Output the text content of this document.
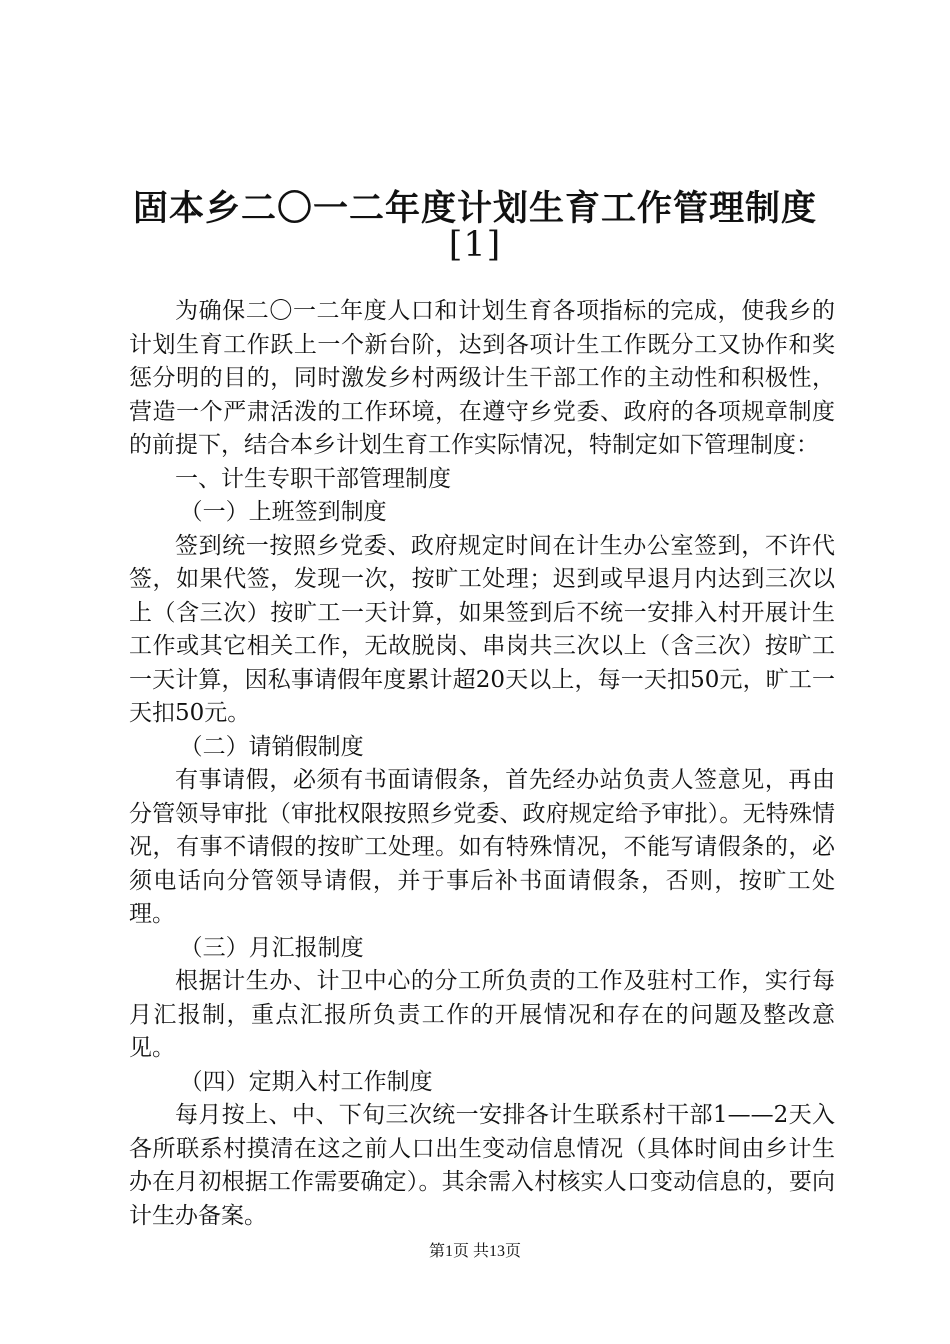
固本乡二〇一二年度计划生育工作管理制度
[1]

为确保二〇一二年度人口和计划生育各项指标的完成，使我乡的计划生育工作跃上一个新台阶，达到各项计生工作既分工又协作和奖惩分明的目的，同时激发乡村两级计生干部工作的主动性和积极性，营造一个严肃活泼的工作环境，在遵守乡党委、政府的各项规章制度的前提下，结合本乡计划生育工作实际情况，特制定如下管理制度：

一、计生专职干部管理制度

（一）上班签到制度

签到统一按照乡党委、政府规定时间在计生办公室签到，不许代签，如果代签，发现一次，按旷工处理；迟到或早退月内达到三次以上（含三次）按旷工一天计算，如果签到后不统一安排入村开展计生工作或其它相关工作，无故脱岗、串岗共三次以上（含三次）按旷工一天计算，因私事请假年度累计超20天以上，每一天扣50元，旷工一天扣50元。

（二）请销假制度

有事请假，必须有书面请假条，首先经办站负责人签意见，再由分管领导审批（审批权限按照乡党委、政府规定给予审批）。无特殊情况，有事不请假的按旷工处理。如有特殊情况，不能写请假条的，必须电话向分管领导请假，并于事后补书面请假条，否则，按旷工处理。

（三）月汇报制度

根据计生办、计卫中心的分工所负责的工作及驻村工作，实行每月汇报制，重点汇报所负责工作的开展情况和存在的问题及整改意见。

（四）定期入村工作制度

每月按上、中、下旬三次统一安排各计生联系村干部1——2天入各所联系村摸清在这之前人口出生变动信息情况（具体时间由乡计生办在月初根据工作需要确定）。其余需入村核实人口变动信息的，要向计生办备案。

第1页 共13页
